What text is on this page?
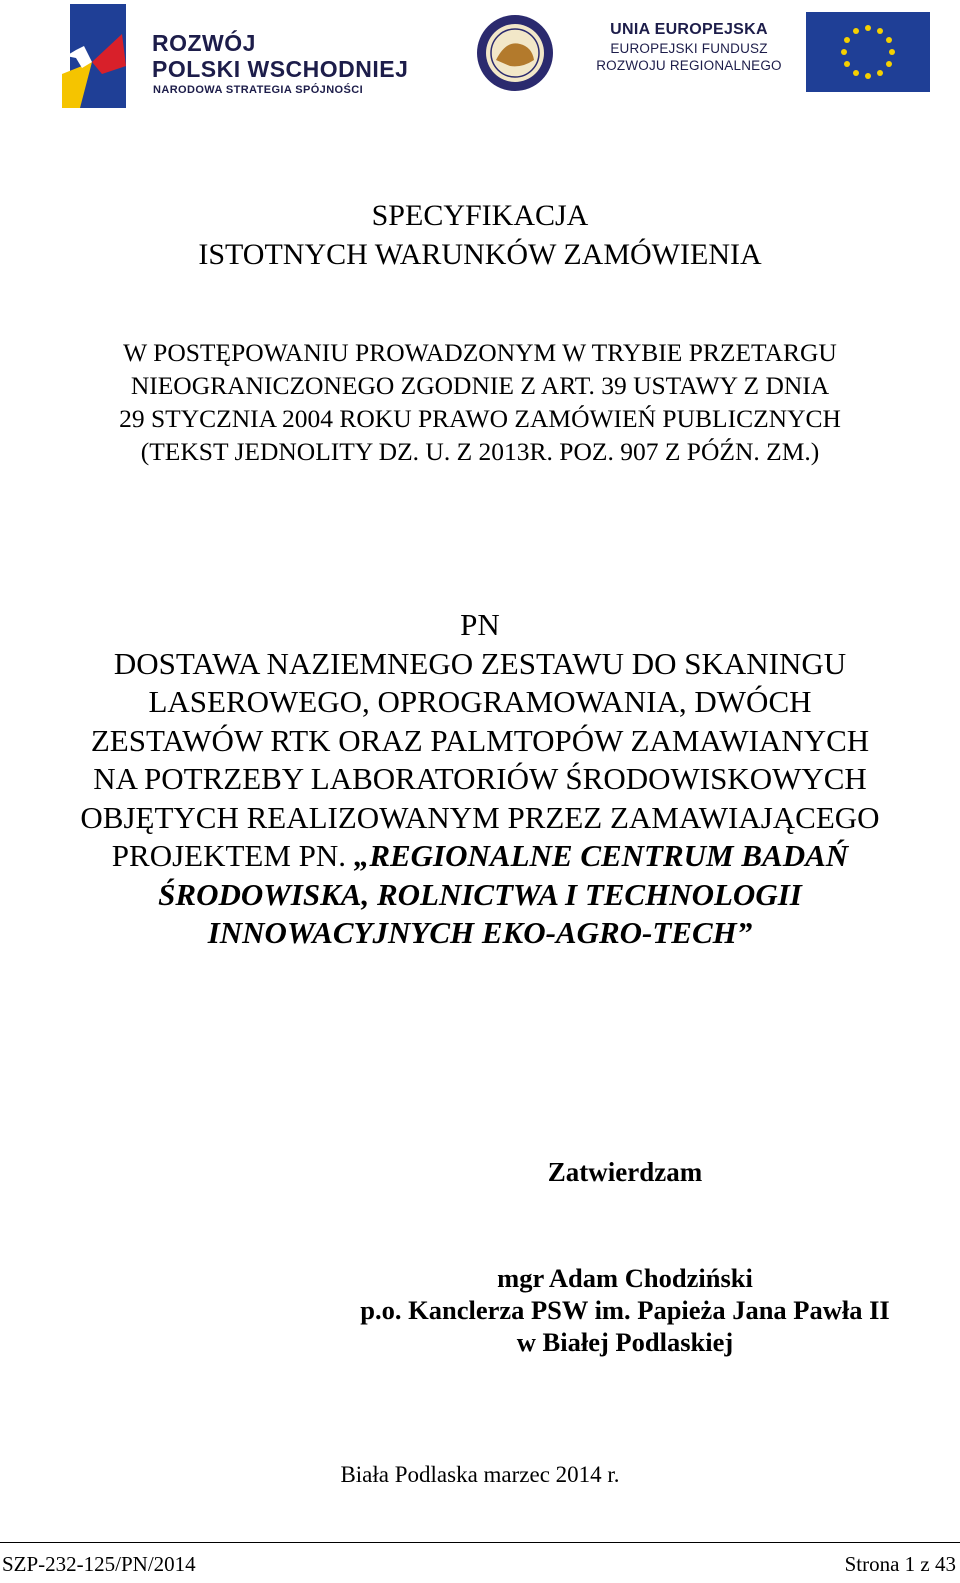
ROZWÓJ
POLSKI WSCHODNIEJ
NARODOWA STRATEGIA SPÓJNOŚCI
UNIA EUROPEJSKA
EUROPEJSKI FUNDUSZ
ROZWOJU REGIONALNEGO
SPECYFIKACJA
ISTOTNYCH WARUNKÓW ZAMÓWIENIA
W POSTĘPOWANIU PROWADZONYM W TRYBIE PRZETARGU
NIEOGRANICZONEGO ZGODNIE Z ART. 39 USTAWY Z DNIA
29 STYCZNIA 2004 ROKU PRAWO ZAMÓWIEŃ PUBLICZNYCH
(TEKST JEDNOLITY DZ. U. Z 2013R. POZ. 907 Z PÓŹN. ZM.)
PN
DOSTAWA NAZIEMNEGO ZESTAWU DO SKANINGU
LASEROWEGO, OPROGRAMOWANIA, DWÓCH
ZESTAWÓW RTK ORAZ PALMTOPÓW ZAMAWIANYCH
NA POTRZEBY LABORATORIÓW ŚRODOWISKOWYCH
OBJĘTYCH REALIZOWANYM PRZEZ ZAMAWIAJĄCEGO
PROJEKTEM PN. „REGIONALNE CENTRUM BADAŃ
ŚRODOWISKA, ROLNICTWA I TECHNOLOGII
INNOWACYJNYCH EKO-AGRO-TECH”
Zatwierdzam
mgr Adam Chodziński
p.o. Kanclerza PSW im. Papieża Jana Pawła II
w Białej Podlaskiej
Biała Podlaska marzec 2014 r.
SZP-232-125/PN/2014	Strona 1 z 43
